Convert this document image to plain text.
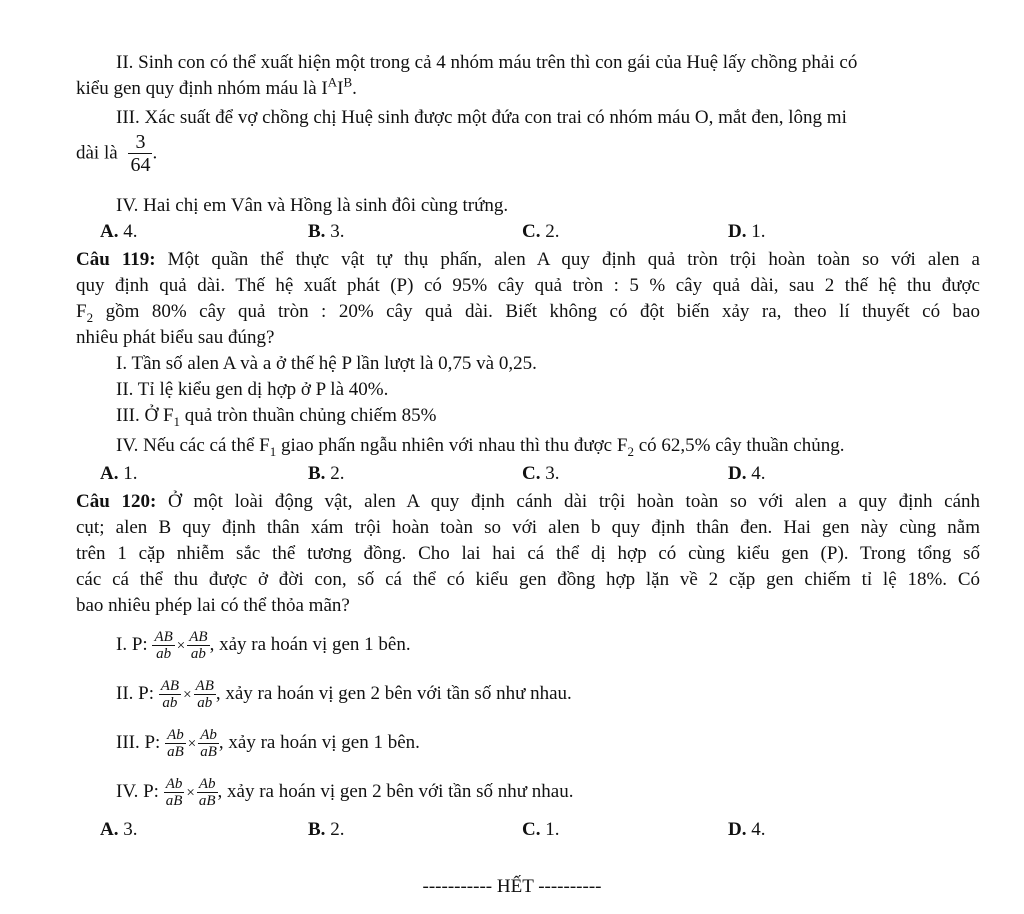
II. Sinh con có thể xuất hiện một trong cả 4 nhóm máu trên thì con gái của Huệ lấy chồng phải có
kiểu gen quy định nhóm máu là $I^AI^B$.
III. Xác suất để vợ chồng chị Huệ sinh được một đứa con trai có nhóm máu O, mắt đen, lông mi
dài là $\frac{3}{64}$ .
IV. Hai chị em Vân và Hồng là sinh đôi cùng trứng.
A. 4.	B. 3.	C. 2.	D. 1.
Câu 119: Một quần thể thực vật tự thụ phấn, alen A quy định quả tròn trội hoàn toàn so với alen a
quy định quả dài. Thế hệ xuất phát (P) có 95% cây quả tròn : 5 % cây quả dài, sau 2 thế hệ thu được
$F_2$ gồm 80% cây quả tròn : 20% cây quả dài. Biết không có đột biến xảy ra, theo lí thuyết có bao
nhiêu phát biểu sau đúng?
I. Tần số alen A và a ở thế hệ P lần lượt là 0,75 và 0,25.
II. Tỉ lệ kiểu gen dị hợp ở P là 40%.
III. Ở $F_1$ quả tròn thuần chủng chiếm 85%
IV. Nếu các cá thể $F_1$ giao phấn ngẫu nhiên với nhau thì thu được $F_2$ có 62,5% cây thuần chủng.
A. 1.	B. 2.	C. 3.	D. 4.
Câu 120: Ở một loài động vật, alen A quy định cánh dài trội hoàn toàn so với alen a quy định cánh
cụt; alen B quy định thân xám trội hoàn toàn so với alen b quy định thân đen. Hai gen này cùng nằm
trên 1 cặp nhiễm sắc thể tương đồng. Cho lai hai cá thể dị hợp có cùng kiểu gen (P). Trong tổng số
các cá thể thu được ở đời con, số cá thể có kiểu gen đồng hợp lặn về 2 cặp gen chiếm tỉ lệ 18%. Có
bao nhiêu phép lai có thể thỏa mãn?
I. P: $\frac{AB}{ab} \times \frac{AB}{ab}$ , xảy ra hoán vị gen 1 bên.
II. P: $\frac{AB}{ab} \times \frac{AB}{ab}$ , xảy ra hoán vị gen 2 bên với tần số như nhau.
III. P: $\frac{Ab}{aB} \times \frac{Ab}{aB}$ , xảy ra hoán vị gen 1 bên.
IV. P: $\frac{Ab}{aB} \times \frac{Ab}{aB}$ , xảy ra hoán vị gen 2 bên với tần số như nhau.
A. 3.	B. 2.	C. 1.	D. 4.
----------- HẾT ----------
